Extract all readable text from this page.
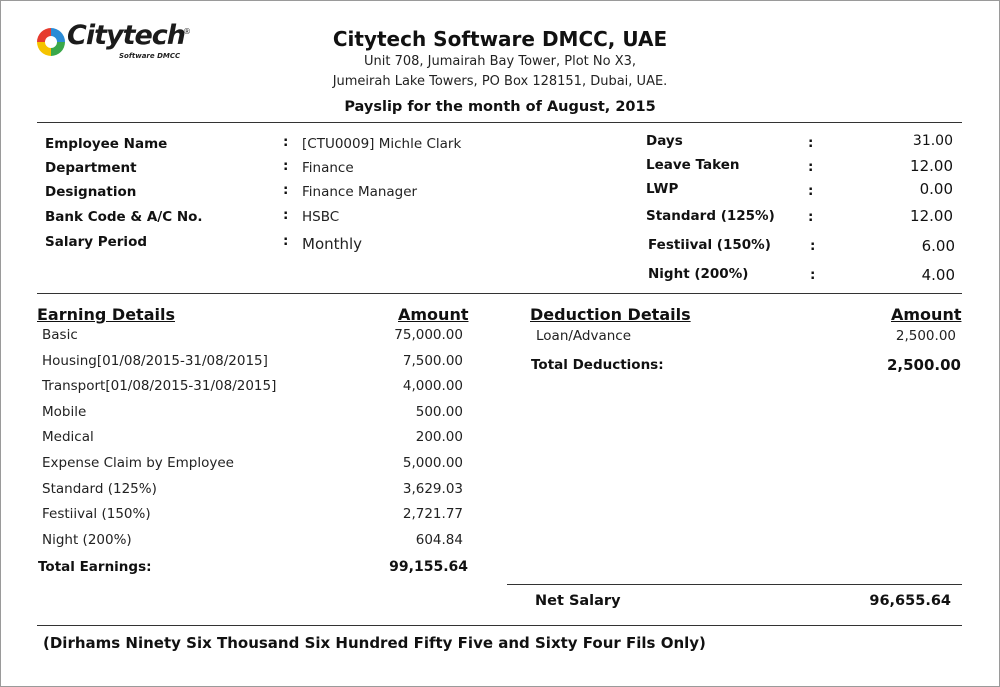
Citytech
®
Software DMCC
Citytech Software DMCC, UAE
Unit 708, Jumairah Bay Tower, Plot No X3,
Jumeirah Lake Towers, PO Box 128151, Dubai, UAE.
Payslip for the month of August, 2015
Employee Name	: [CTU0009] Michle Clark
Department	: Finance
Designation	: Finance Manager
Bank Code & A/C No.	: HSBC
Salary Period	: Monthly
Days	:	31.00
Leave Taken	:	12.00
LWP	:	0.00
Standard (125%) :	12.00
Festiival (150%)	:	6.00
Night (200%)	:	4.00
Earning Details	Amount
Basic	75,000.00
Housing[01/08/2015-31/08/2015]	7,500.00
Transport[01/08/2015-31/08/2015]	4,000.00
Mobile	500.00
Medical	200.00
Expense Claim by Employee	5,000.00
Standard (125%)	3,629.03
Festiival (150%)	2,721.77
Night (200%)	604.84
Total Earnings:	99,155.64
Deduction Details	Amount
Loan/Advance	2,500.00
Total Deductions:	2,500.00
Net Salary	96,655.64
(Dirhams Ninety Six Thousand Six Hundred Fifty Five and Sixty Four Fils Only)
